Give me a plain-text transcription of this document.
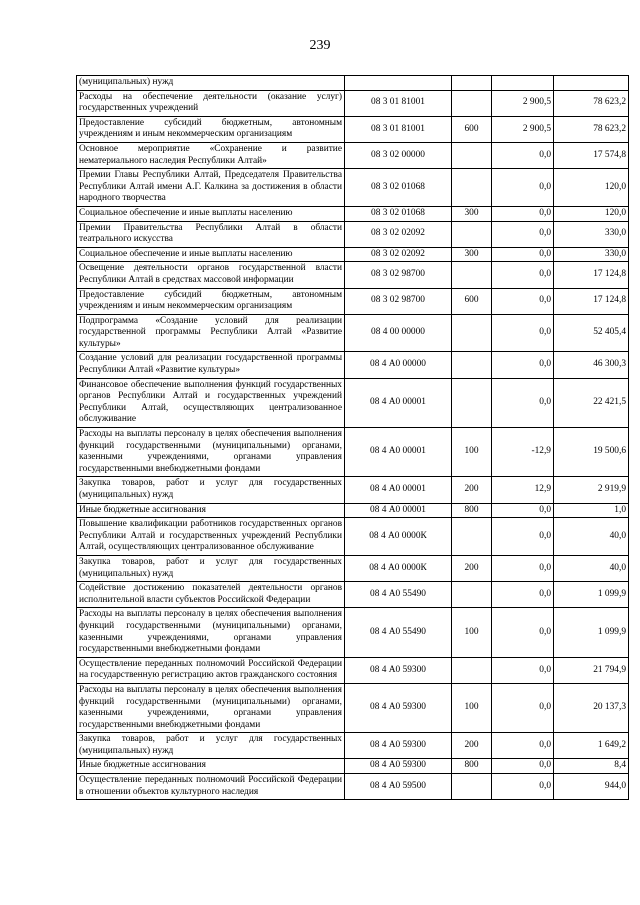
239
(муниципальных) нужд				
Расходы на обеспечение деятельности (оказание услуг) государственных учреждений	08 3 01 81001		2 900,5	78 623,2
Предоставление субсидий бюджетным, автономным учреждениям и иным некоммерческим организациям	08 3 01 81001	600	2 900,5	78 623,2
Основное мероприятие «Сохранение и развитие нематериального наследия Республики Алтай»	08 3 02 00000		0,0	17 574,8
Премии Главы Республики Алтай, Председателя Правительства Республики Алтай имени А.Г. Калкина за достижения в области народного творчества	08 3 02 01068		0,0	120,0
Социальное обеспечение и иные выплаты населению	08 3 02 01068	300	0,0	120,0
Премии Правительства Республики Алтай в области театрального искусства	08 3 02 02092		0,0	330,0
Социальное обеспечение и иные выплаты населению	08 3 02 02092	300	0,0	330,0
Освещение деятельности органов государственной власти Республики Алтай в средствах массовой информации	08 3 02 98700		0,0	17 124,8
Предоставление субсидий бюджетным, автономным учреждениям и иным некоммерческим организациям	08 3 02 98700	600	0,0	17 124,8
Подпрограмма «Создание условий для реализации государственной программы Республики Алтай «Развитие культуры»	08 4 00 00000		0,0	52 405,4
Создание условий для реализации государственной программы Республики Алтай «Развитие культуры»	08 4 А0 00000		0,0	46 300,3
Финансовое обеспечение выполнения функций государственных органов Республики Алтай и государственных учреждений Республики Алтай, осуществляющих централизованное обслуживание	08 4 А0 00001		0,0	22 421,5
Расходы на выплаты персоналу в целях обеспечения выполнения функций государственными (муниципальными) органами, казенными учреждениями, органами управления государственными внебюджетными фондами	08 4 А0 00001	100	-12,9	19 500,6
Закупка товаров, работ и услуг для государственных (муниципальных) нужд	08 4 А0 00001	200	12,9	2 919,9
Иные бюджетные ассигнования	08 4 А0 00001	800	0,0	1,0
Повышение квалификации работников государственных органов Республики Алтай и государственных учреждений Республики Алтай, осуществляющих централизованное обслуживание	08 4 А0 0000К		0,0	40,0
Закупка товаров, работ и услуг для государственных (муниципальных) нужд	08 4 А0 0000К	200	0,0	40,0
Содействие достижению показателей деятельности органов исполнительной власти субъектов Российской Федерации	08 4 А0 55490		0,0	1 099,9
Расходы на выплаты персоналу в целях обеспечения выполнения функций государственными (муниципальными) органами, казенными учреждениями, органами управления государственными внебюджетными фондами	08 4 А0 55490	100	0,0	1 099,9
Осуществление переданных полномочий Российской Федерации на государственную регистрацию актов гражданского состояния	08 4 А0 59300		0,0	21 794,9
Расходы на выплаты персоналу в целях обеспечения выполнения функций государственными (муниципальными) органами, казенными учреждениями, органами управления государственными внебюджетными фондами	08 4 А0 59300	100	0,0	20 137,3
Закупка товаров, работ и услуг для государственных (муниципальных) нужд	08 4 А0 59300	200	0,0	1 649,2
Иные бюджетные ассигнования	08 4 А0 59300	800	0,0	8,4
Осуществление переданных полномочий Российской Федерации в отношении объектов культурного наследия	08 4 А0 59500		0,0	944,0
